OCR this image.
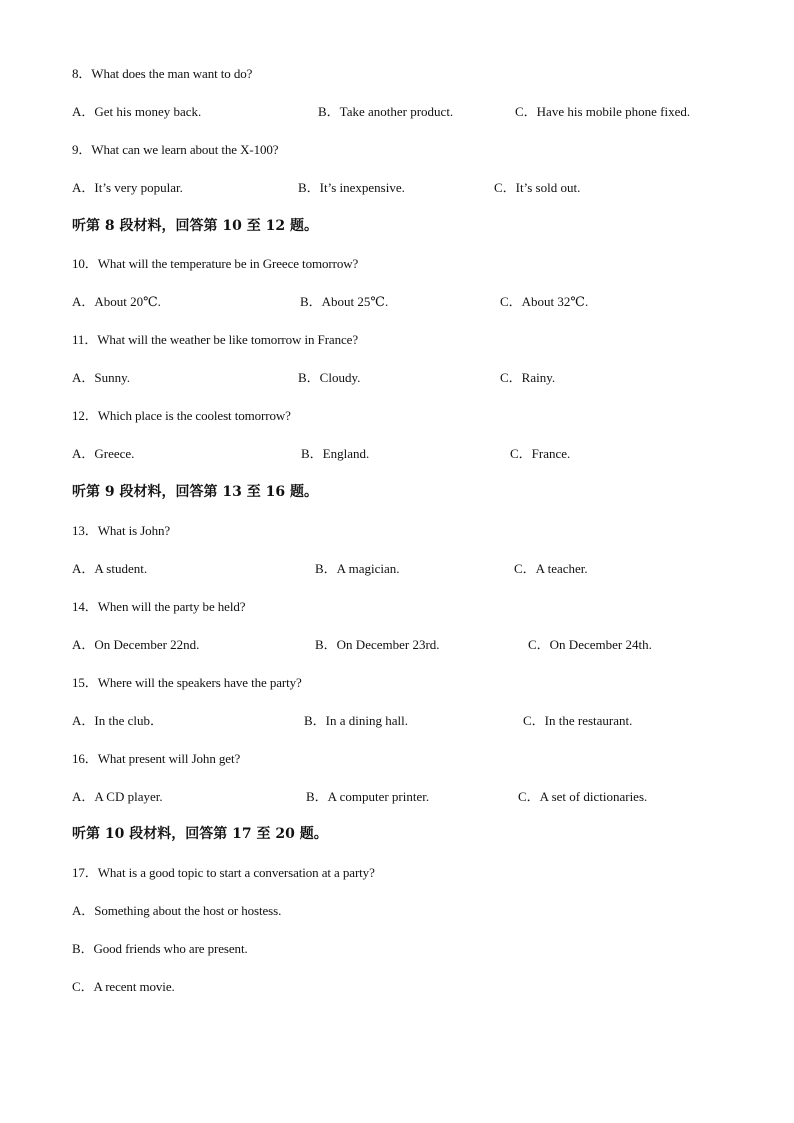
8．What does the man want to do?
A．Get his money back.	B．Take another product.	C．Have his mobile phone fixed.
9．What can we learn about the X-100?
A．It’s very popular.	B．It’s inexpensive.	C．It’s sold out.
听第 8 段材料，回答第 10 至 12 题。
10．What will the temperature be in Greece tomorrow?
A．About 20℃.	B．About 25℃.	C．About 32℃.
11．What will the weather be like tomorrow in France?
A．Sunny.	B．Cloudy.	C．Rainy.
12．Which place is the coolest tomorrow?
A．Greece.	B．England.	C．France.
听第 9 段材料，回答第 13 至 16 题。
13．What is John?
A．A student.	B．A magician.	C．A teacher.
14．When will the party be held?
A．On December 22nd.	B．On December 23rd.	C．On December 24th.
15．Where will the speakers have the party?
A．In the club．	B．In a dining hall.	C．In the restaurant.
16．What present will John get?
A．A CD player.	B．A computer printer.	C．A set of dictionaries.
听第 10 段材料，回答第 17 至 20 题。
17．What is a good topic to start a conversation at a party?
A．Something about the host or hostess.
B．Good friends who are present.
C．A recent movie.
